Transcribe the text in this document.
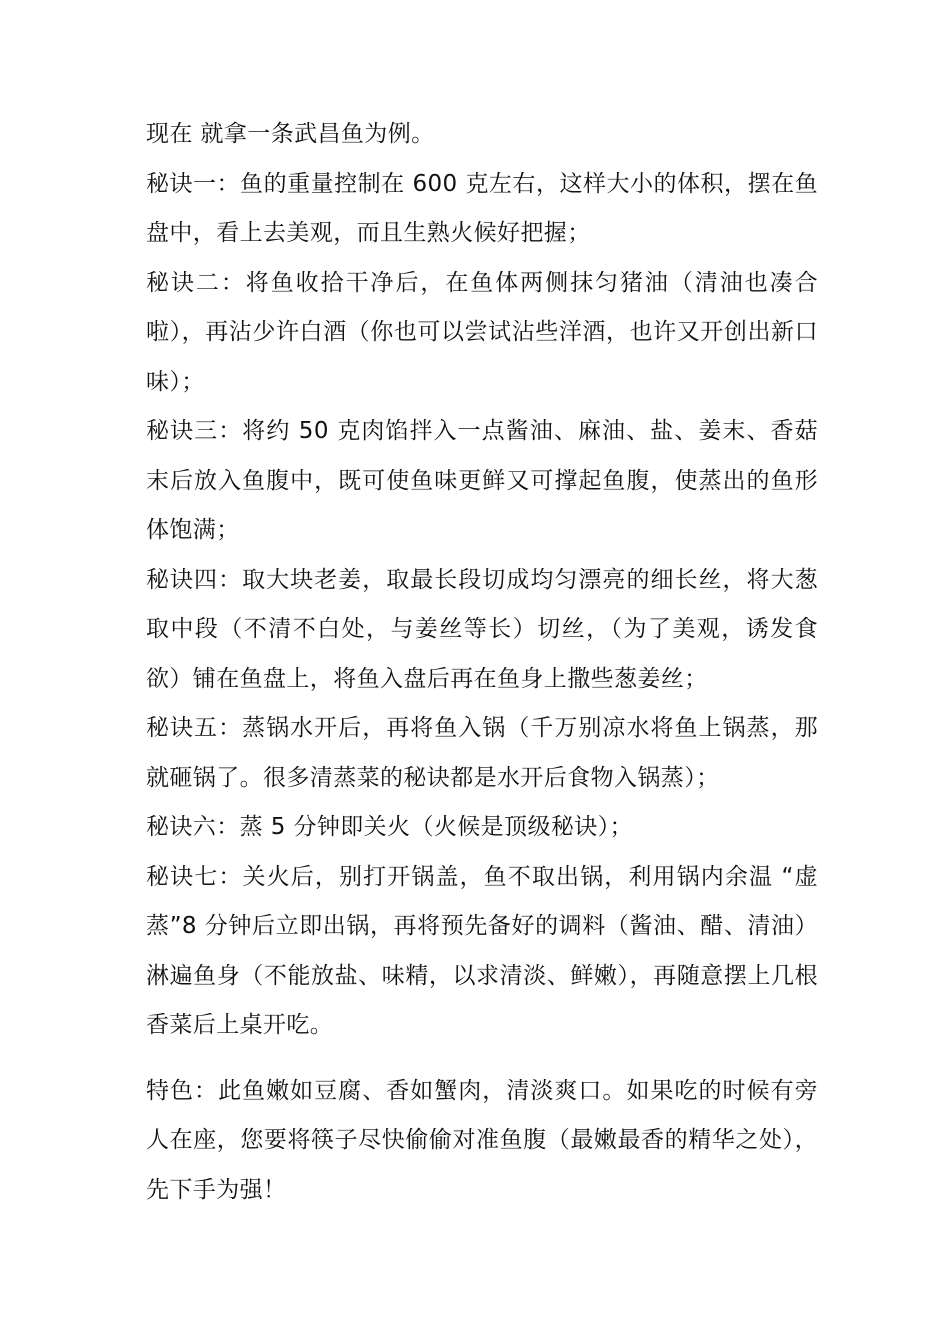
现在 就拿一条武昌鱼为例。

秘诀一：鱼的重量控制在 600 克左右，这样大小的体积，摆在鱼盘中，看上去美观，而且生熟火候好把握；

秘诀二：将鱼收拾干净后，在鱼体两侧抹匀猪油（清油也凑合啦），再沾少许白酒（你也可以尝试沾些洋酒，也许又开创出新口味）；

秘诀三：将约 50 克肉馅拌入一点酱油、麻油、盐、姜末、香菇末后放入鱼腹中，既可使鱼味更鲜又可撑起鱼腹，使蒸出的鱼形体饱满；

秘诀四：取大块老姜，取最长段切成均匀漂亮的细长丝，将大葱取中段（不清不白处，与姜丝等长）切丝，（为了美观，诱发食欲）铺在鱼盘上，将鱼入盘后再在鱼身上撒些葱姜丝；

秘诀五：蒸锅水开后，再将鱼入锅（千万别凉水将鱼上锅蒸，那就砸锅了。很多清蒸菜的秘诀都是水开后食物入锅蒸）；

秘诀六：蒸 5 分钟即关火（火候是顶级秘诀）；

秘诀七：关火后，别打开锅盖，鱼不取出锅，利用锅内余温 “虚蒸”8 分钟后立即出锅，再将预先备好的调料（酱油、醋、清油）淋遍鱼身（不能放盐、味精，以求清淡、鲜嫩），再随意摆上几根香菜后上桌开吃。

特色：此鱼嫩如豆腐、香如蟹肉，清淡爽口。如果吃的时候有旁人在座，您要将筷子尽快偷偷对准鱼腹（最嫩最香的精华之处），先下手为强！
